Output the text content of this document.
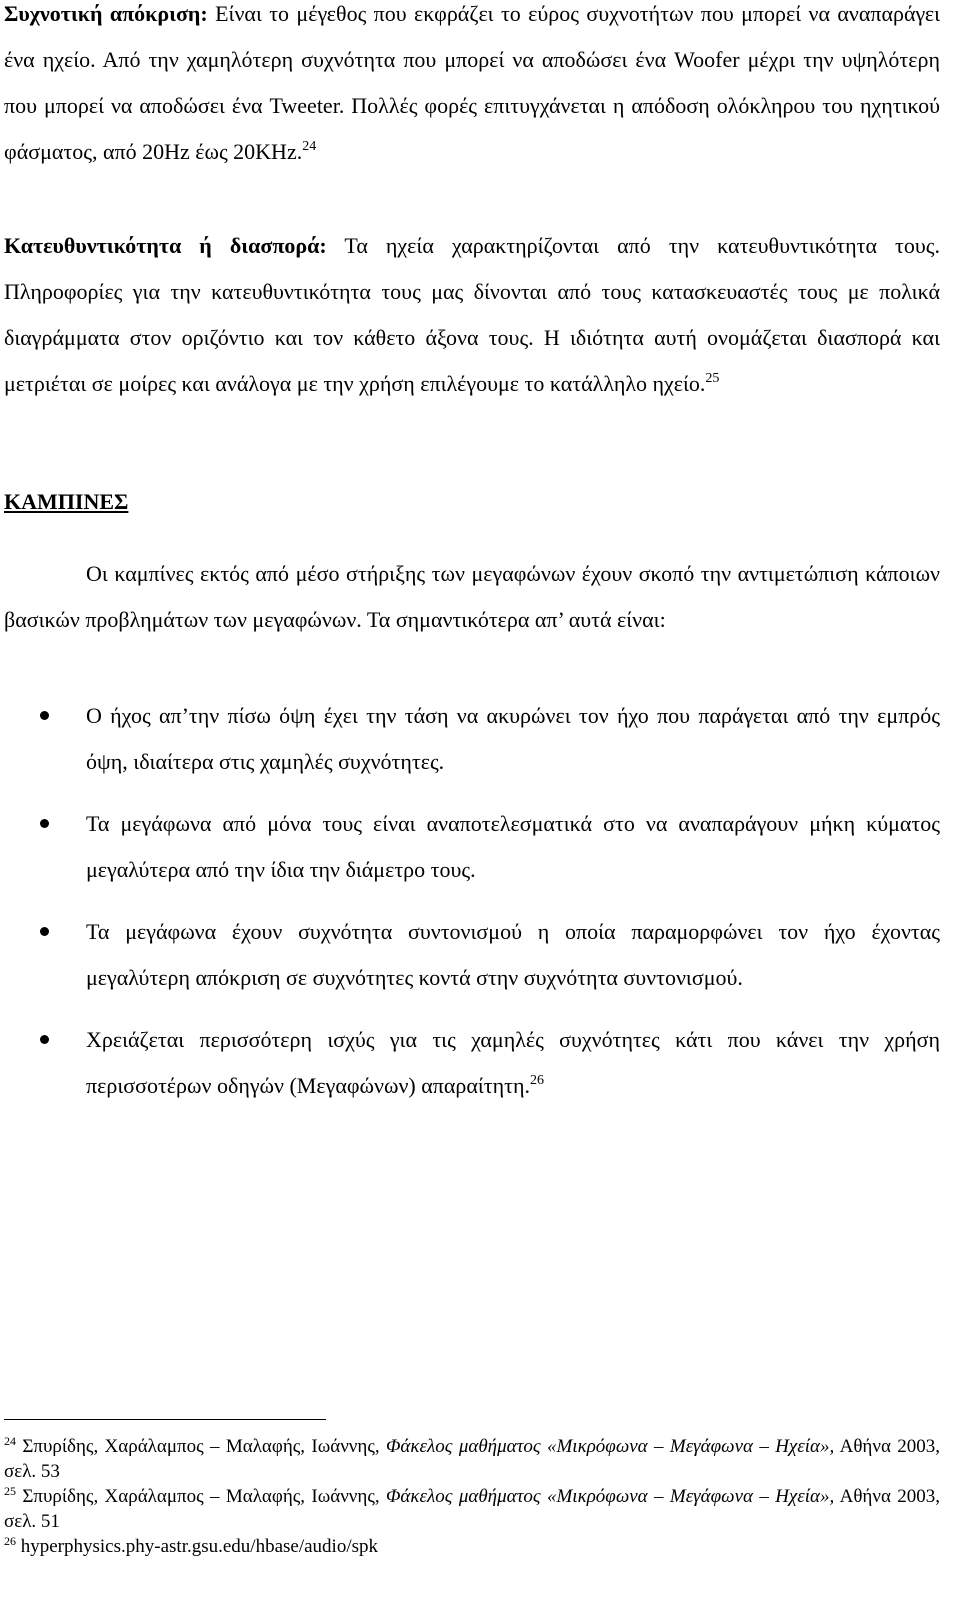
Συχνοτική απόκριση: Είναι το μέγεθος που εκφράζει το εύρος συχνοτήτων που μπορεί να αναπαράγει ένα ηχείο. Από την χαμηλότερη συχνότητα που μπορεί να αποδώσει ένα Woofer μέχρι την υψηλότερη που μπορεί να αποδώσει ένα Tweeter. Πολλές φορές επιτυγχάνεται η απόδοση ολόκληρου του ηχητικού φάσματος, από 20Hz έως 20KHz.$^{24}$
Κατευθυντικότητα ή διασπορά: Τα ηχεία χαρακτηρίζονται από την κατευθυντικότητα τους. Πληροφορίες για την κατευθυντικότητα τους μας δίνονται από τους κατασκευαστές τους με πολικά διαγράμματα στον οριζόντιο και τον κάθετο άξονα τους. Η ιδιότητα αυτή ονομάζεται διασπορά και μετριέται σε μοίρες και ανάλογα με την χρήση επιλέγουμε το κατάλληλο ηχείο.$^{25}$
ΚΑΜΠΙΝΕΣ
Οι καμπίνες εκτός από μέσο στήριξης των μεγαφώνων έχουν σκοπό την αντιμετώπιση κάποιων βασικών προβλημάτων των μεγαφώνων. Τα σημαντικότερα απ’ αυτά είναι:
Ο ήχος απ’την πίσω όψη έχει την τάση να ακυρώνει τον ήχο που παράγεται από την εμπρός όψη, ιδιαίτερα στις χαμηλές συχνότητες.
Τα μεγάφωνα από μόνα τους είναι αναποτελεσματικά στο να αναπαράγουν μήκη κύματος μεγαλύτερα από την ίδια την διάμετρο τους.
Τα μεγάφωνα έχουν συχνότητα συντονισμού η οποία παραμορφώνει τον ήχο έχοντας μεγαλύτερη απόκριση σε συχνότητες κοντά στην συχνότητα συντονισμού.
Χρειάζεται περισσότερη ισχύς για τις χαμηλές συχνότητες κάτι που κάνει την χρήση περισσοτέρων οδηγών (Μεγαφώνων) απαραίτητη.$^{26}$
$^{24}$ Σπυρίδης, Χαράλαμπος – Μαλαφής, Ιωάννης, Φάκελος μαθήματος «Μικρόφωνα – Μεγάφωνα – Ηχεία», Αθήνα 2003, σελ. 53
$^{25}$ Σπυρίδης, Χαράλαμπος – Μαλαφής, Ιωάννης, Φάκελος μαθήματος «Μικρόφωνα – Μεγάφωνα – Ηχεία», Αθήνα 2003, σελ. 51
$^{26}$ hyperphysics.phy-astr.gsu.edu/hbase/audio/spk
